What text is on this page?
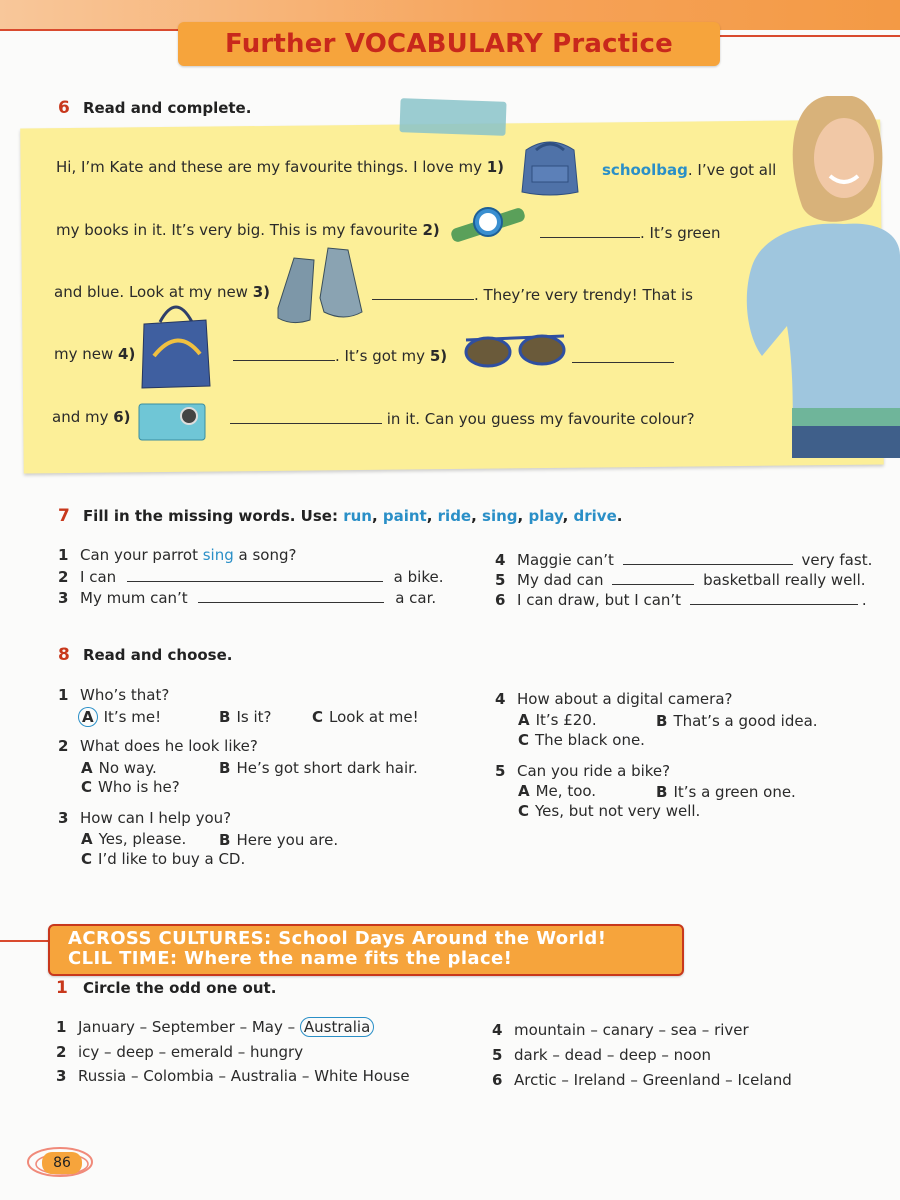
Further VOCABULARY Practice
6 Read and complete.
Hi, I’m Kate and these are my favourite things. I love my 1)	schoolbag. I’ve got all
my books in it. It’s very big. This is my favourite 2)	. It’s green
and blue. Look at my new 3)	. They’re very trendy! That is
my new 4)	. It’s got my 5)
and my 6)	in it. Can you guess my favourite colour?
7 Fill in the missing words. Use: run, paint, ride, sing, play, drive.
1 Can your parrot sing a song?
2 I can	a bike.
3 My mum can’t	a car.
4 Maggie can’t	very fast.
5 My dad can	basketball really well.
6 I can draw, but I can’t	.
8 Read and choose.
1 Who’s that?
A It’s me!	B Is it?	C Look at me!
2 What does he look like?
A No way.	B He’s got short dark hair.
C Who is he?
3 How can I help you?
A Yes, please. B Here you are.
C I’d like to buy a CD.
4 How about a digital camera?
A It’s £20.	B That’s a good idea.
C The black one.
5 Can you ride a bike?
A Me, too.	B It’s a green one.
C Yes, but not very well.
ACROSS CULTURES: School Days Around the World!
CLIL TIME: Where the name fits the place!
1 Circle the odd one out.
1 January – September – May – Australia
2 icy – deep – emerald – hungry
3 Russia – Colombia – Australia – White House
4 mountain – canary – sea – river
5 dark – dead – deep – noon
6 Arctic – Ireland – Greenland – Iceland
86
